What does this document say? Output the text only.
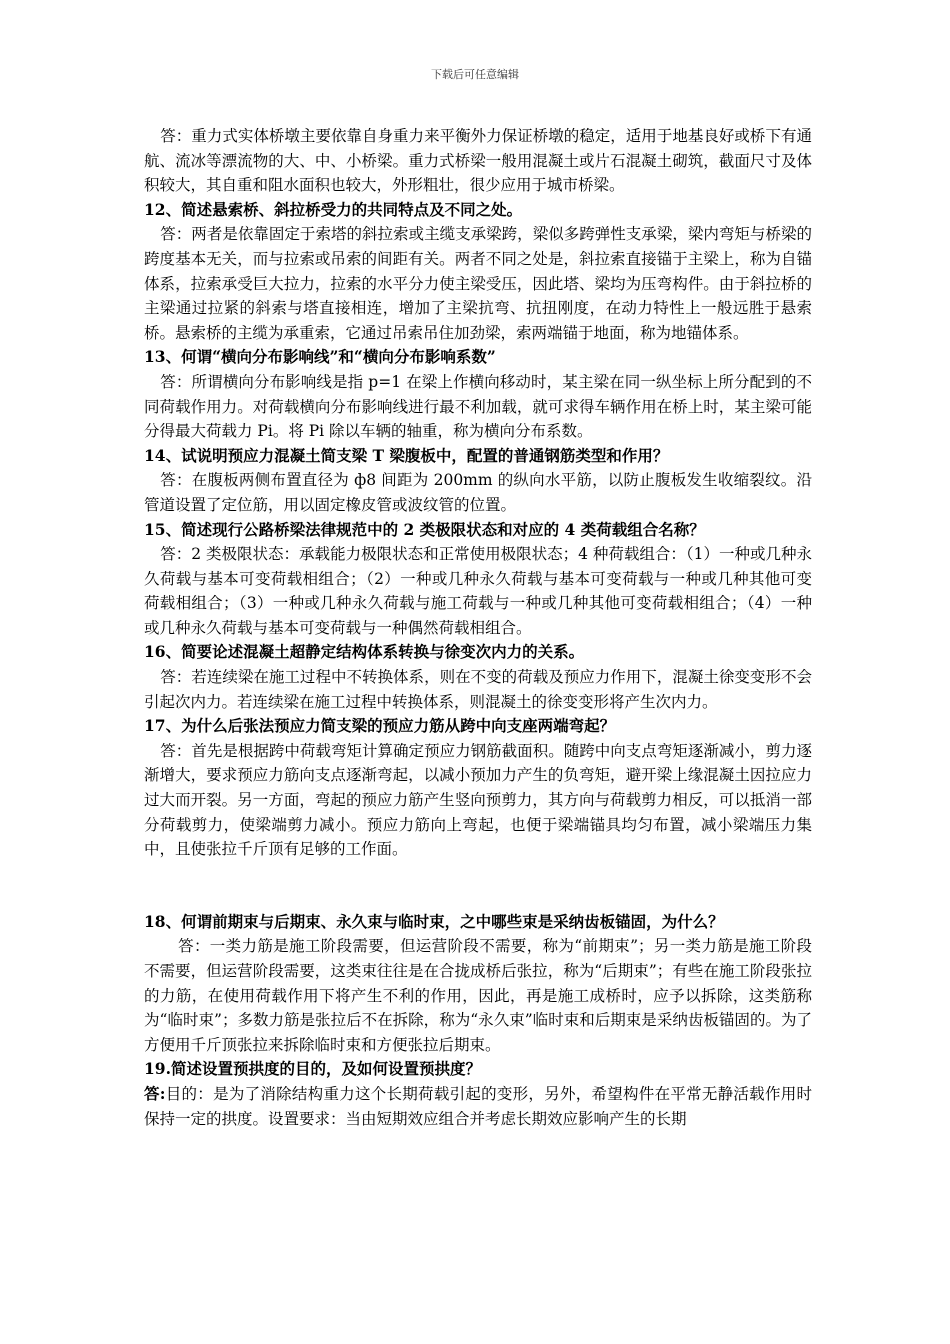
下载后可任意编辑

答：重力式实体桥墩主要依靠自身重力来平衡外力保证桥墩的稳定，适用于地基良好或桥下有通航、流冰等漂流物的大、中、小桥梁。重力式桥梁一般用混凝土或片石混凝土砌筑，截面尺寸及体积较大，其自重和阻水面积也较大，外形粗壮，很少应用于城市桥梁。

12、简述悬索桥、斜拉桥受力的共同特点及不同之处。

答：两者是依靠固定于索塔的斜拉索或主缆支承梁跨，梁似多跨弹性支承梁，梁内弯矩与桥梁的跨度基本无关，而与拉索或吊索的间距有关。两者不同之处是，斜拉索直接锚于主梁上，称为自锚体系，拉索承受巨大拉力，拉索的水平分力使主梁受压，因此塔、梁均为压弯构件。由于斜拉桥的主梁通过拉紧的斜索与塔直接相连，增加了主梁抗弯、抗扭刚度，在动力特性上一般远胜于悬索桥。悬索桥的主缆为承重索，它通过吊索吊住加劲梁，索两端锚于地面，称为地锚体系。

13、何谓“横向分布影响线”和“横向分布影响系数”

答：所谓横向分布影响线是指 p=1 在梁上作横向移动时，某主梁在同一纵坐标上所分配到的不同荷载作用力。对荷载横向分布影响线进行最不利加载，就可求得车辆作用在桥上时，某主梁可能分得最大荷载力 Pi。将 Pi 除以车辆的轴重，称为横向分布系数。

14、试说明预应力混凝土简支梁 T 梁腹板中，配置的普通钢筋类型和作用？

答：在腹板两侧布置直径为 ф8 间距为 200mm 的纵向水平筋，以防止腹板发生收缩裂纹。沿管道设置了定位筋，用以固定橡皮管或波纹管的位置。

15、简述现行公路桥梁法律规范中的 2 类极限状态和对应的 4 类荷载组合名称？

答：2 类极限状态：承载能力极限状态和正常使用极限状态；4 种荷载组合：（1）一种或几种永久荷载与基本可变荷载相组合；（2）一种或几种永久荷载与基本可变荷载与一种或几种其他可变荷载相组合；（3）一种或几种永久荷载与施工荷载与一种或几种其他可变荷载相组合；（4）一种或几种永久荷载与基本可变荷载与一种偶然荷载相组合。

16、简要论述混凝土超静定结构体系转换与徐变次内力的关系。

答：若连续梁在施工过程中不转换体系，则在不变的荷载及预应力作用下，混凝土徐变变形不会引起次内力。若连续梁在施工过程中转换体系，则混凝土的徐变变形将产生次内力。

17、为什么后张法预应力简支梁的预应力筋从跨中向支座两端弯起？

答：首先是根据跨中荷载弯矩计算确定预应力钢筋截面积。随跨中向支点弯矩逐渐减小，剪力逐渐增大，要求预应力筋向支点逐渐弯起，以减小预加力产生的负弯矩，避开梁上缘混凝土因拉应力过大而开裂。另一方面，弯起的预应力筋产生竖向预剪力，其方向与荷载剪力相反，可以抵消一部分荷载剪力，使梁端剪力减小。预应力筋向上弯起，也便于梁端锚具均匀布置，减小梁端压力集中，且使张拉千斤顶有足够的工作面。

18、何谓前期束与后期束、永久束与临时束，之中哪些束是采纳齿板锚固，为什么？

答：一类力筋是施工阶段需要，但运营阶段不需要，称为“前期束”；另一类力筋是施工阶段不需要，但运营阶段需要，这类束往往是在合拢成桥后张拉，称为“后期束”；有些在施工阶段张拉的力筋，在使用荷载作用下将产生不利的作用，因此，再是施工成桥时，应予以拆除，这类筋称为“临时束”；多数力筋是张拉后不在拆除，称为“永久束”临时束和后期束是采纳齿板锚固的。为了方便用千斤顶张拉来拆除临时束和方便张拉后期束。

19.简述设置预拱度的目的，及如何设置预拱度？

答:目的：是为了消除结构重力这个长期荷载引起的变形，另外，希望构件在平常无静活载作用时保持一定的拱度。设置要求：当由短期效应组合并考虑长期效应影响产生的长期
